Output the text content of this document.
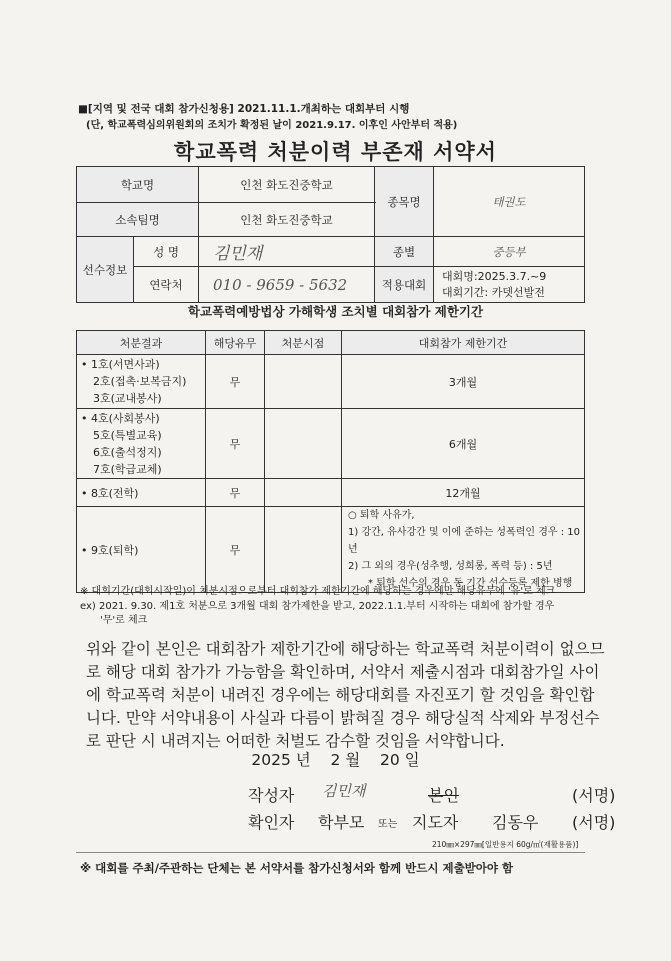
■[지역 및 전국 대회 참가신청용] 2021.11.1.개최하는 대회부터 시행
(단, 학교폭력심의위원회의 조치가 확정된 날이 2021.9.17. 이후인 사안부터 적용)
학교폭력 처분이력 부존재 서약서
학교명		인천 화도진중학교	종목명	태권도
소속팀명		인천 화도진중학교		
선수정보	성 명	김민재	종별	중등부
	연락처	010 - 9659 - 5632	적용대회	대회명:2025.3.7.~9
대회기간: 카뎃선발전
학교폭력예방법상 가해학생 조치별 대회참가 제한기간
처분결과	해당유무	처분시점	대회참가 제한기간

• 1호(서면사과)
2호(접촉·보복금지)
3호(교내봉사)	무		3개월

• 4호(사회봉사)
5호(특별교육)
6호(출석정지)
7호(학급교체)	무		6개월
• 8호(전학)	무		12개월
• 9호(퇴학)	무		○ 퇴학 사유가,
1) 강간, 유사강간 및 이에 준하는 성폭력인 경우 : 10년
2) 그 외의 경우(성추행, 성희롱, 폭력 등) : 5년
* 퇴학 선수의 경우 동 기간 선수등록 제한 병행
※ 대회기간(대회시작일)이 처분시점으로부터 대회참가 제한기간에 해당하는 경우에만 해당유무에 '유'로 체크
ex) 2021. 9.30. 제1호 처분으로 3개월 대회 참가제한을 받고, 2022.1.1.부터 시작하는 대회에 참가할 경우
'무'로 체크
위와 같이 본인은 대회참가 제한기간에 해당하는 학교폭력 처분이력이 없으므로 해당 대회 참가가 가능함을 확인하며, 서약서 제출시점과 대회참가일 사이에 학교폭력 처분이 내려진 경우에는 해당대회를 자진포기 할 것임을 확인합니다. 만약 서약내용이 사실과 다름이 밝혀질 경우 해당실적 삭제와 부정선수로 판단 시 내려지는 어떠한 처벌도 감수할 것임을 서약합니다.
2025 년 2 월 20 일
작성자 김민재	본인	(서명)
확인자 학부모 또는 지도자 김동우 (서명)
210㎜×297㎜[일반용지 60g/㎡(재활용품)]
※ 대회를 주최/주관하는 단체는 본 서약서를 참가신청서와 함께 반드시 제출받아야 함
